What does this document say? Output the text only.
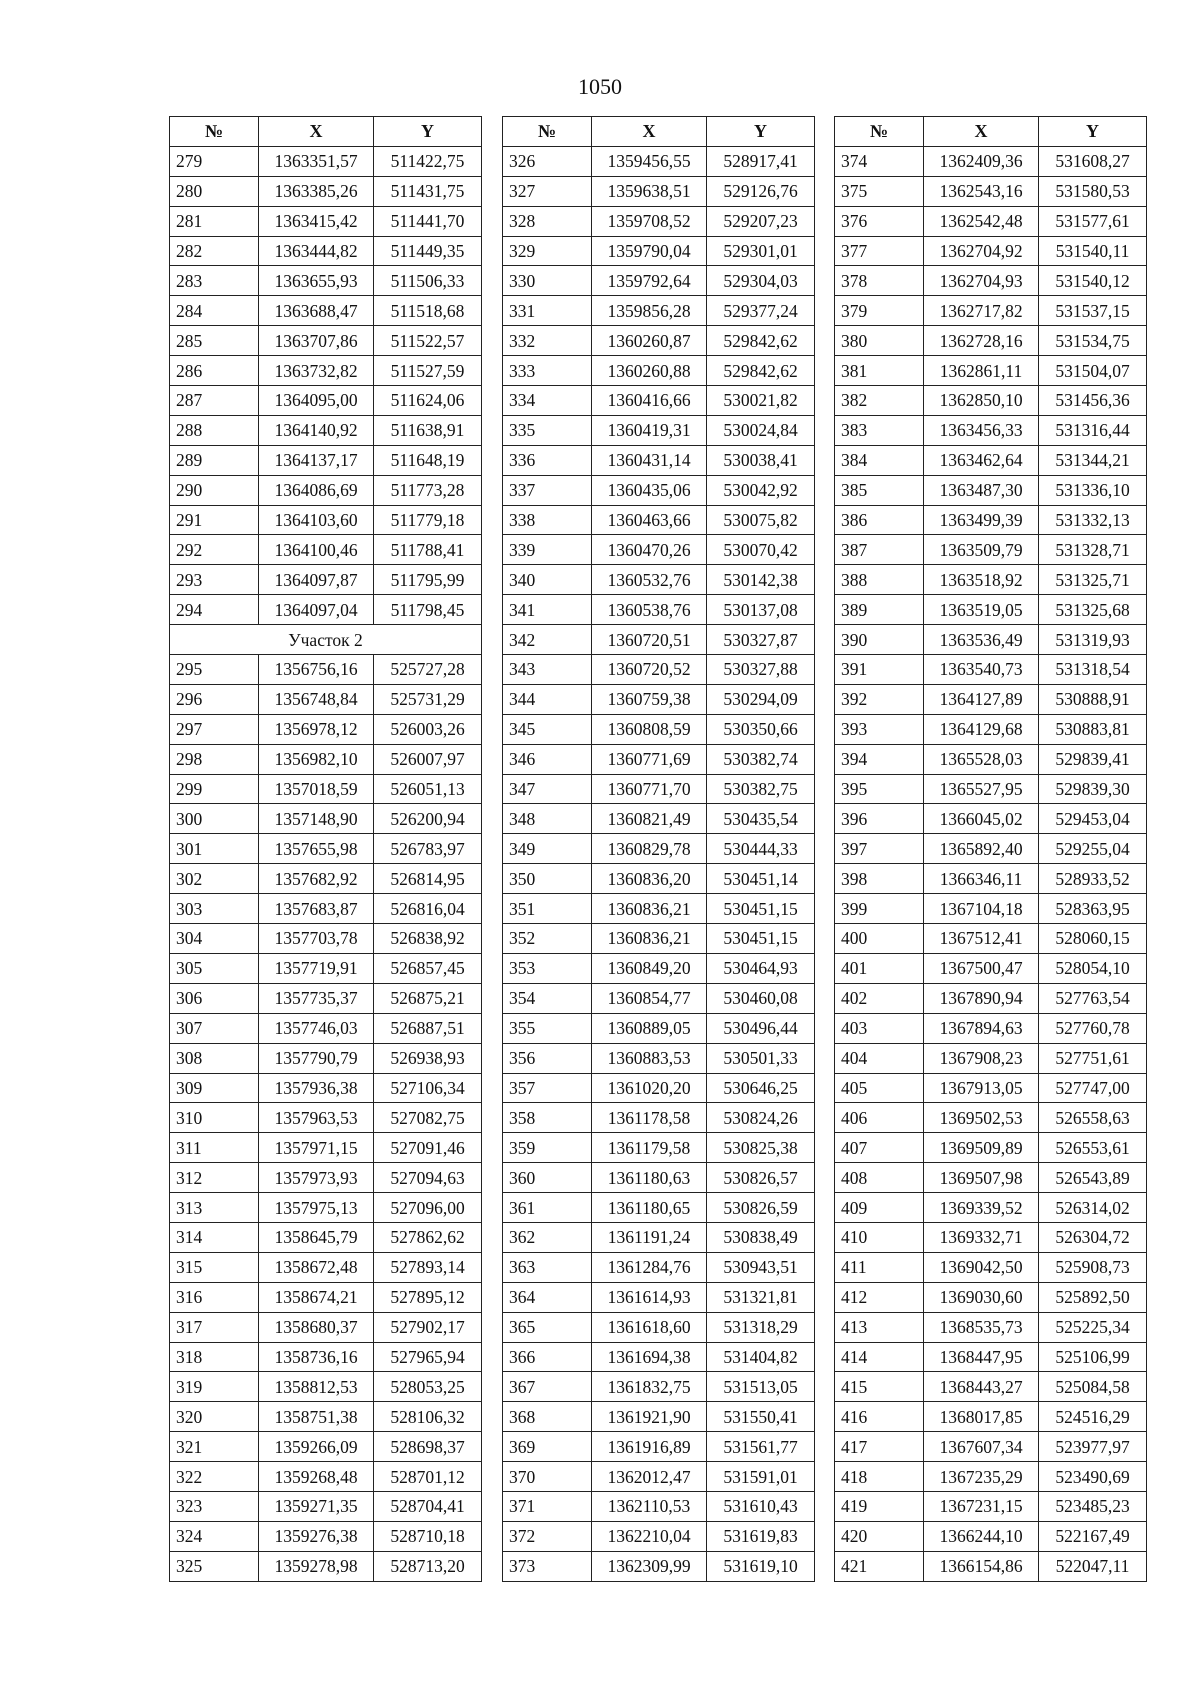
1050
№	X	Y
279	1363351,57	511422,75
280	1363385,26	511431,75
281	1363415,42	511441,70
282	1363444,82	511449,35
283	1363655,93	511506,33
284	1363688,47	511518,68
285	1363707,86	511522,57
286	1363732,82	511527,59
287	1364095,00	511624,06
288	1364140,92	511638,91
289	1364137,17	511648,19
290	1364086,69	511773,28
291	1364103,60	511779,18
292	1364100,46	511788,41
293	1364097,87	511795,99
294	1364097,04	511798,45
Участок 2		
295	1356756,16	525727,28
296	1356748,84	525731,29
297	1356978,12	526003,26
298	1356982,10	526007,97
299	1357018,59	526051,13
300	1357148,90	526200,94
301	1357655,98	526783,97
302	1357682,92	526814,95
303	1357683,87	526816,04
304	1357703,78	526838,92
305	1357719,91	526857,45
306	1357735,37	526875,21
307	1357746,03	526887,51
308	1357790,79	526938,93
309	1357936,38	527106,34
310	1357963,53	527082,75
311	1357971,15	527091,46
312	1357973,93	527094,63
313	1357975,13	527096,00
314	1358645,79	527862,62
315	1358672,48	527893,14
316	1358674,21	527895,12
317	1358680,37	527902,17
318	1358736,16	527965,94
319	1358812,53	528053,25
320	1358751,38	528106,32
321	1359266,09	528698,37
322	1359268,48	528701,12
323	1359271,35	528704,41
324	1359276,38	528710,18
325	1359278,98	528713,20
№	X	Y
326	1359456,55	528917,41
327	1359638,51	529126,76
328	1359708,52	529207,23
329	1359790,04	529301,01
330	1359792,64	529304,03
331	1359856,28	529377,24
332	1360260,87	529842,62
333	1360260,88	529842,62
334	1360416,66	530021,82
335	1360419,31	530024,84
336	1360431,14	530038,41
337	1360435,06	530042,92
338	1360463,66	530075,82
339	1360470,26	530070,42
340	1360532,76	530142,38
341	1360538,76	530137,08
342	1360720,51	530327,87
343	1360720,52	530327,88
344	1360759,38	530294,09
345	1360808,59	530350,66
346	1360771,69	530382,74
347	1360771,70	530382,75
348	1360821,49	530435,54
349	1360829,78	530444,33
350	1360836,20	530451,14
351	1360836,21	530451,15
352	1360836,21	530451,15
353	1360849,20	530464,93
354	1360854,77	530460,08
355	1360889,05	530496,44
356	1360883,53	530501,33
357	1361020,20	530646,25
358	1361178,58	530824,26
359	1361179,58	530825,38
360	1361180,63	530826,57
361	1361180,65	530826,59
362	1361191,24	530838,49
363	1361284,76	530943,51
364	1361614,93	531321,81
365	1361618,60	531318,29
366	1361694,38	531404,82
367	1361832,75	531513,05
368	1361921,90	531550,41
369	1361916,89	531561,77
370	1362012,47	531591,01
371	1362110,53	531610,43
372	1362210,04	531619,83
373	1362309,99	531619,10
№	X	Y
374	1362409,36	531608,27
375	1362543,16	531580,53
376	1362542,48	531577,61
377	1362704,92	531540,11
378	1362704,93	531540,12
379	1362717,82	531537,15
380	1362728,16	531534,75
381	1362861,11	531504,07
382	1362850,10	531456,36
383	1363456,33	531316,44
384	1363462,64	531344,21
385	1363487,30	531336,10
386	1363499,39	531332,13
387	1363509,79	531328,71
388	1363518,92	531325,71
389	1363519,05	531325,68
390	1363536,49	531319,93
391	1363540,73	531318,54
392	1364127,89	530888,91
393	1364129,68	530883,81
394	1365528,03	529839,41
395	1365527,95	529839,30
396	1366045,02	529453,04
397	1365892,40	529255,04
398	1366346,11	528933,52
399	1367104,18	528363,95
400	1367512,41	528060,15
401	1367500,47	528054,10
402	1367890,94	527763,54
403	1367894,63	527760,78
404	1367908,23	527751,61
405	1367913,05	527747,00
406	1369502,53	526558,63
407	1369509,89	526553,61
408	1369507,98	526543,89
409	1369339,52	526314,02
410	1369332,71	526304,72
411	1369042,50	525908,73
412	1369030,60	525892,50
413	1368535,73	525225,34
414	1368447,95	525106,99
415	1368443,27	525084,58
416	1368017,85	524516,29
417	1367607,34	523977,97
418	1367235,29	523490,69
419	1367231,15	523485,23
420	1366244,10	522167,49
421	1366154,86	522047,11
